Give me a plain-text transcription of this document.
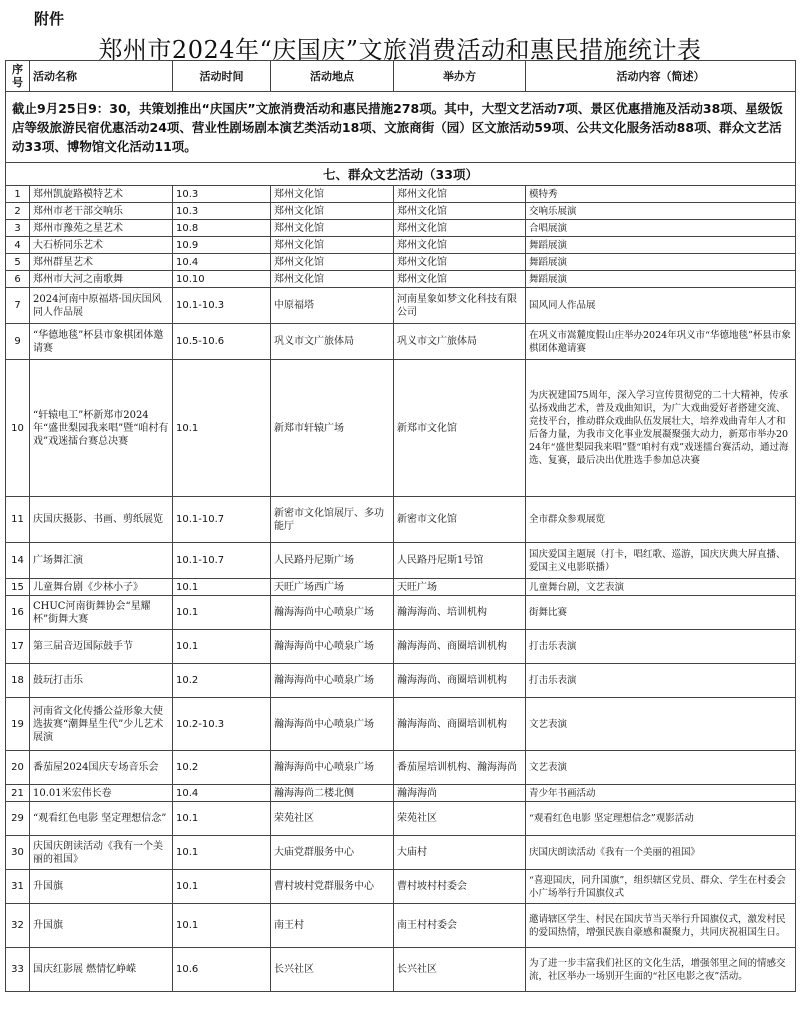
附件
郑州市2024年“庆国庆”文旅消费活动和惠民措施统计表
序号	活动名称	活动时间	活动地点	举办方	活动内容（简述）
截止9月25日9：30，共策划推出“庆国庆”文旅消费活动和惠民措施278项。其中，大型文艺活动7项、景区优惠措施及活动38项、星级饭店等级旅游民宿优惠活动24项、营业性剧场剧本演艺类活动18项、文旅商街（园）区文旅活动59项、公共文化服务活动88项、群众文艺活动33项、博物馆文化活动11项。					
七、群众文艺活动（33项）					
1	郑州凯旋路模特艺术	10.3	郑州文化馆	郑州文化馆	模特秀
2	郑州市老干部交响乐	10.3	郑州文化馆	郑州文化馆	交响乐展演
3	郑州市豫苑之星艺术	10.8	郑州文化馆	郑州文化馆	合唱展演
4	大石桥同乐艺术	10.9	郑州文化馆	郑州文化馆	舞蹈展演
5	郑州群星艺术	10.4	郑州文化馆	郑州文化馆	舞蹈展演
6	郑州市大河之南歌舞	10.10	郑州文化馆	郑州文化馆	舞蹈展演
7	2024河南中原福塔·国庆国风同人作品展	10.1-10.3	中原福塔	河南星象如梦文化科技有限公司	国风同人作品展
9	“华德地毯”杯县市象棋团体邀请赛	10.5-10.6	巩义市文广旅体局	巩义市文广旅体局	在巩义市嵩麓度假山庄举办2024年巩义市“华德地毯”杯县市象棋团体邀请赛
10	“轩辕电工”杯新郑市2024年“盛世梨园我来唱”暨“咱村有戏”戏迷擂台赛总决赛	10.1	新郑市轩辕广场	新郑市文化馆	为庆祝建国75周年，深入学习宣传贯彻党的二十大精神，传承弘扬戏曲艺术，普及戏曲知识，为广大戏曲爱好者搭建交流、竞技平台，推动群众戏曲队伍发展壮大，培养戏曲青年人才和后备力量，为我市文化事业发展凝聚强大动力，新郑市举办2024年“盛世梨园我来唱”暨“咱村有戏”戏迷擂台赛活动，通过海选、复赛，最后决出优胜选手参加总决赛
11	庆国庆摄影、书画、剪纸展览	10.1-10.7	新密市文化馆展厅、多功能厅	新密市文化馆	全市群众参观展览
14	广场舞汇演	10.1-10.7	人民路丹尼斯广场	人民路丹尼斯1号馆	国庆爱国主题展（打卡，唱红歌、巡游，国庆庆典大屏直播、爱国主义电影联播）
15	儿童舞台剧《少林小子》	10.1	天旺广场西广场	天旺广场	儿童舞台剧，文艺表演
16	CHUC河南街舞协会“星耀杯”街舞大赛	10.1	瀚海海尚中心喷泉广场	瀚海海尚、培训机构	街舞比赛
17	第三届音迈国际鼓手节	10.1	瀚海海尚中心喷泉广场	瀚海海尚、商圈培训机构	打击乐表演
18	鼓玩打击乐	10.2	瀚海海尚中心喷泉广场	瀚海海尚、商圈培训机构	打击乐表演
19	河南省文化传播公益形象大使选拔赛“潮舞星生代”少儿艺术展演	10.2-10.3	瀚海海尚中心喷泉广场	瀚海海尚、商圈培训机构	文艺表演
20	番茄屋2024国庆专场音乐会	10.2	瀚海海尚中心喷泉广场	番茄屋培训机构、瀚海海尚	文艺表演
21	10.01米宏伟长卷	10.4	瀚海海尚二楼北侧	瀚海海尚	青少年书画活动
29	“观看红色电影 坚定理想信念”	10.1	荣苑社区	荣苑社区	“观看红色电影 坚定理想信念”观影活动
30	庆国庆朗读活动《我有一个美丽的祖国》	10.1	大庙党群服务中心	大庙村	庆国庆朗读活动《我有一个美丽的祖国》
31	升国旗	10.1	曹村坡村党群服务中心	曹村坡村村委会	“喜迎国庆，同升国旗”，组织辖区党员、群众、学生在村委会小广场举行升国旗仪式
32	升国旗	10.1	南王村	南王村村委会	邀请辖区学生、村民在国庆节当天举行升国旗仪式，激发村民的爱国热情，增强民族自豪感和凝聚力，共同庆祝祖国生日。
33	国庆红影展 燃情忆峥嵘	10.6	长兴社区	长兴社区	为了进一步丰富我们社区的文化生活，增强邻里之间的情感交流，社区举办一场别开生面的“社区电影之夜”活动。
